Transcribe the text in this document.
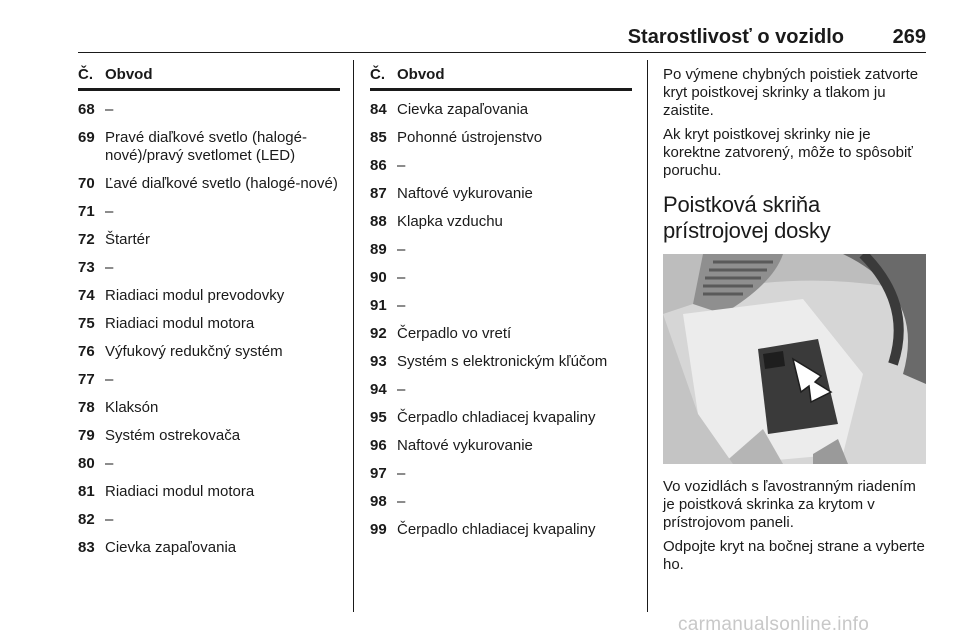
Starostlivosť o vozidlo 269
Č. Obvod
68 –
69 Pravé diaľkové svetlo (halogé-nové)/pravý svetlomet (LED)
70 Ľavé diaľkové svetlo (halogé-nové)
71 –
72 Štartér
73 –
74 Riadiaci modul prevodovky
75 Riadiaci modul motora
76 Výfukový redukčný systém
77 –
78 Klaksón
79 Systém ostrekovača
80 –
81 Riadiaci modul motora
82 –
83 Cievka zapaľovania
Č. Obvod
84 Cievka zapaľovania
85 Pohonné ústrojenstvo
86 –
87 Naftové vykurovanie
88 Klapka vzduchu
89 –
90 –
91 –
92 Čerpadlo vo vretí
93 Systém s elektronickým kľúčom
94 –
95 Čerpadlo chladiacej kvapaliny
96 Naftové vykurovanie
97 –
98 –
99 Čerpadlo chladiacej kvapaliny

Po výmene chybných poistiek zatvorte kryt poistkovej skrinky a tlakom ju zaistite.

Ak kryt poistkovej skrinky nie je korektne zatvorený, môže to spôsobiť poruchu.

Poistková skriňa prístrojovej dosky

Vo vozidlách s ľavostranným riadením je poistková skrinka za krytom v prístrojovom paneli.

Odpojte kryt na bočnej strane a vyberte ho.

carmanualsonline.info
